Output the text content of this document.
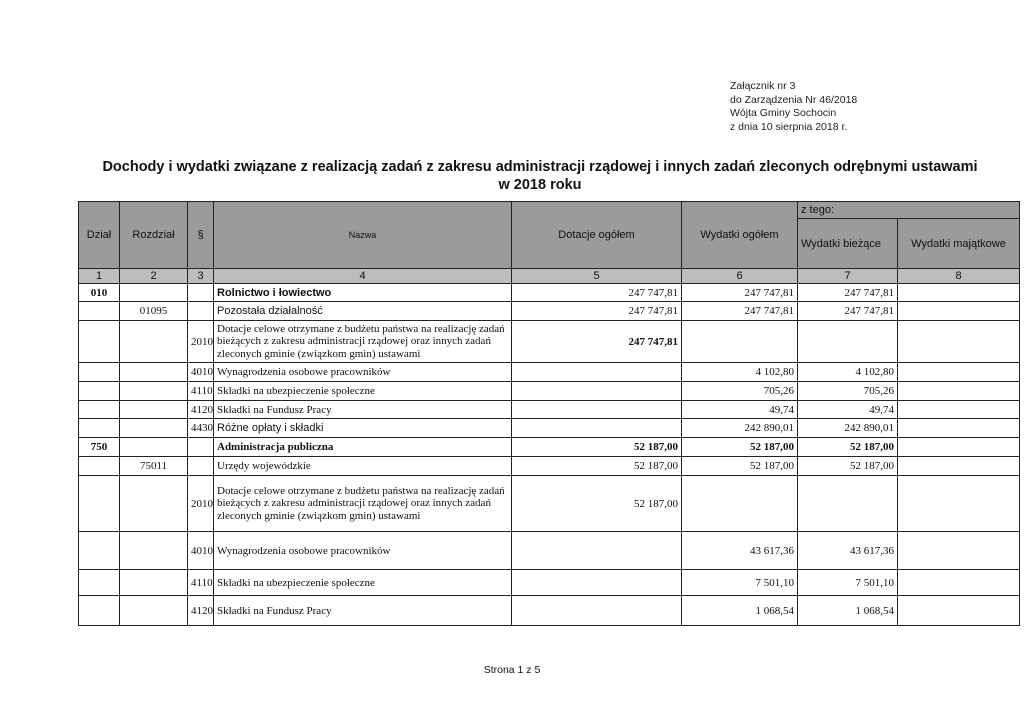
Załącznik nr 3
do Zarządzenia Nr 46/2018
Wójta Gminy Sochocin
z dnia 10 sierpnia 2018 r.
Dochody i wydatki związane z realizacją zadań z zakresu administracji rządowej i innych zadań zleconych odrębnymi ustawami
w 2018 roku
Dział	Rozdział	§	Nazwa	Dotacje ogółem	Wydatki ogółem	z tego:	
						Wydatki bieżące	Wydatki majątkowe
1	2	3	4	5	6	7	8
010			Rolnictwo i łowiectwo	247 747,81	247 747,81	247 747,81	
	01095		Pozostała działalność	247 747,81	247 747,81	247 747,81	
		2010	Dotacje celowe otrzymane z budżetu państwa na realizację zadań bieżących z zakresu administracji rządowej oraz innych zadań zleconych gminie (związkom gmin) ustawami	247 747,81			
		4010	Wynagrodzenia osobowe pracowników		4 102,80	4 102,80	
		4110	Składki na ubezpieczenie społeczne		705,26	705,26	
		4120	Składki na Fundusz Pracy		49,74	49,74	
		4430	Różne opłaty i składki		242 890,01	242 890,01	
750			Administracja publiczna	52 187,00	52 187,00	52 187,00	
	75011		Urzędy wojewódzkie	52 187,00	52 187,00	52 187,00	
		2010	Dotacje celowe otrzymane z budżetu państwa na realizację zadań bieżących z zakresu administracji rządowej oraz innych zadań zleconych gminie (związkom gmin) ustawami	52 187,00			
		4010	Wynagrodzenia osobowe pracowników		43 617,36	43 617,36	
		4110	Składki na ubezpieczenie społeczne		7 501,10	7 501,10	
		4120	Składki na Fundusz Pracy		1 068,54	1 068,54	
Strona 1 z 5
